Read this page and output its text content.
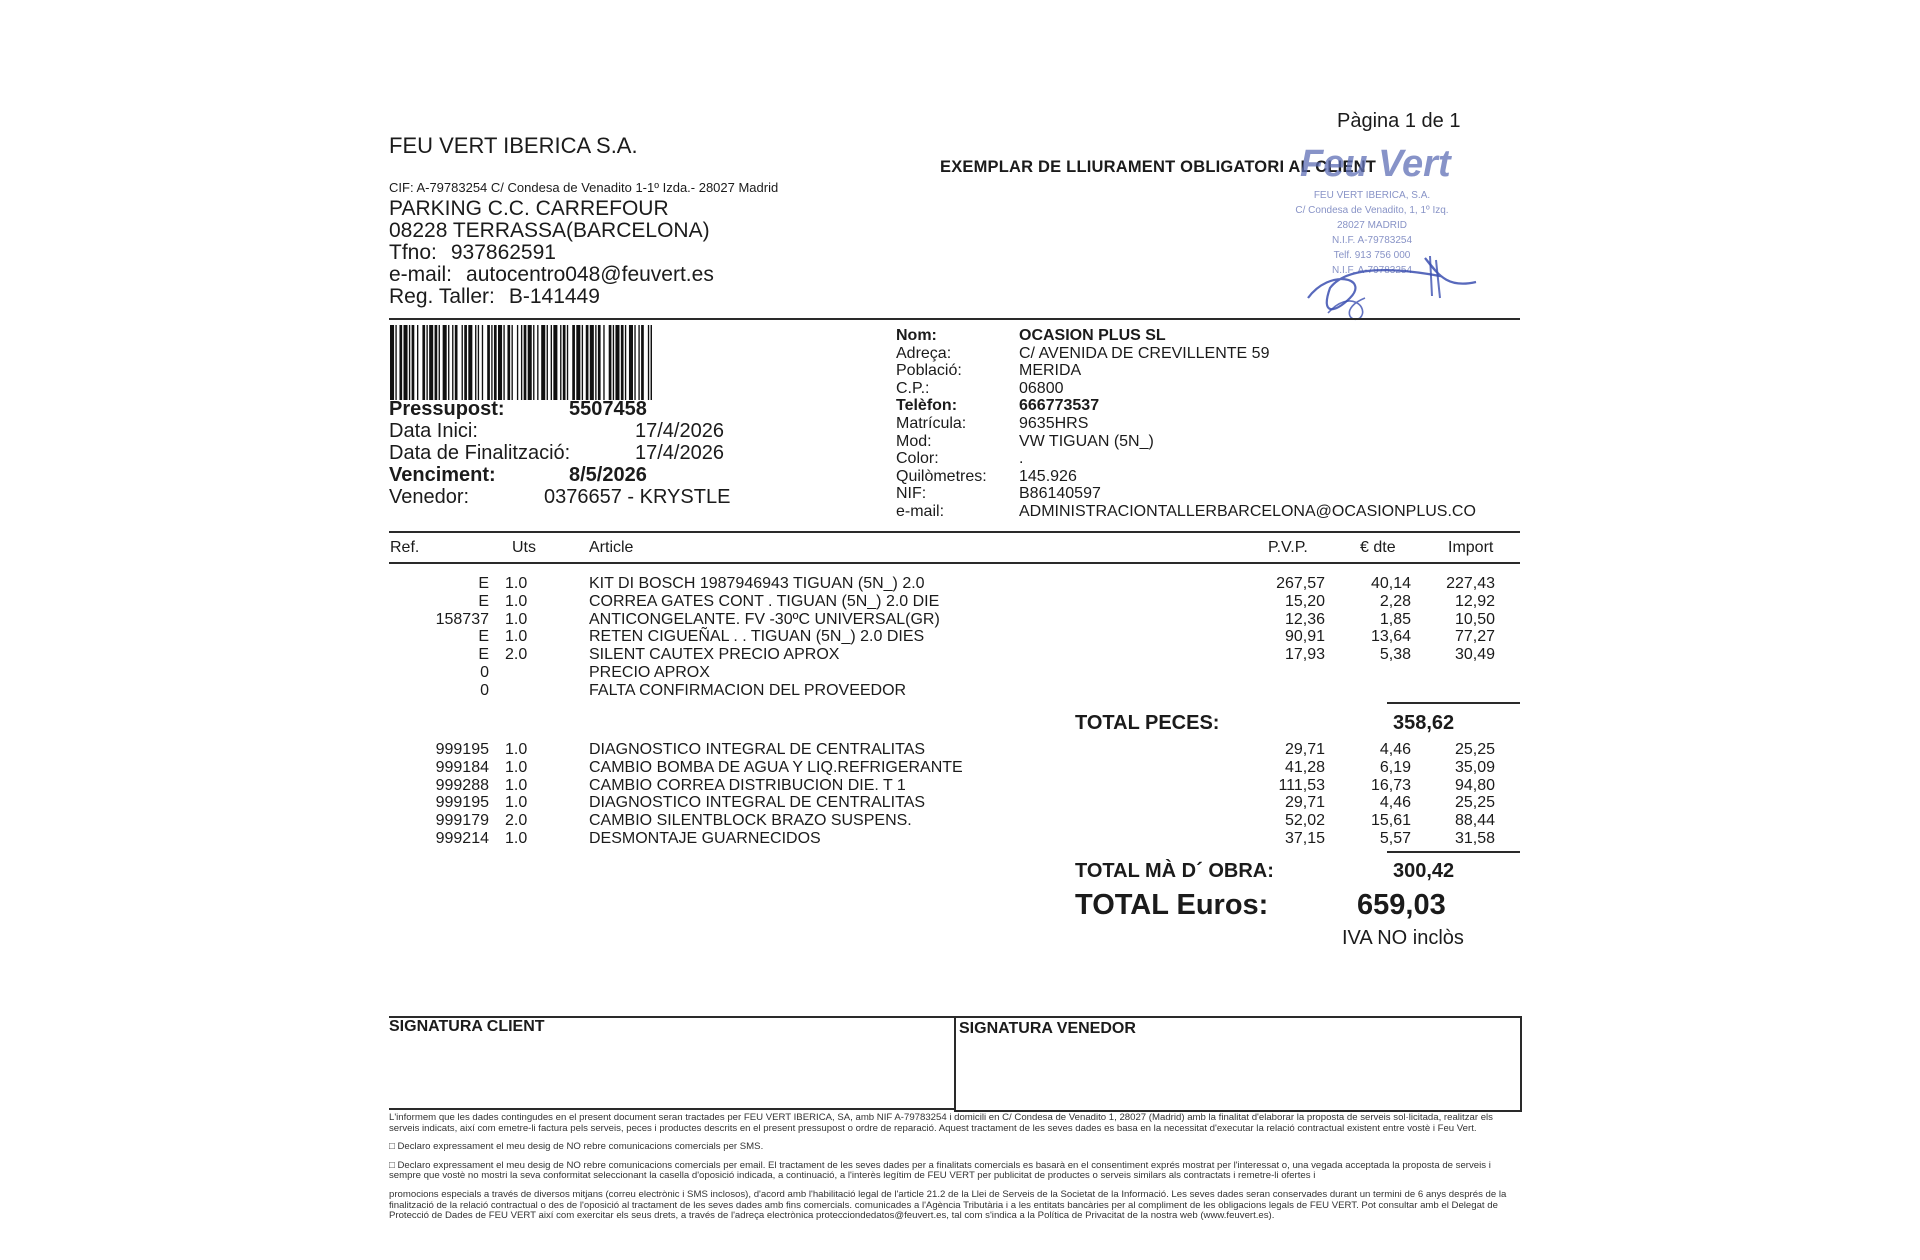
Pàgina 1 de 1
FEU VERT IBERICA S.A.
CIF: A-79783254 C/ Condesa de Venadito 1-1º Izda.- 28027 Madrid
PARKING C.C. CARREFOUR
08228 TERRASSA(BARCELONA)
Tfno: 937862591
e-mail: autocentro048@feuvert.es
Reg. Taller: B-141449
EXEMPLAR DE LLIURAMENT OBLIGATORI AL CLIENT
Feu Vert
FEU VERT IBERICA, S.A.
C/ Condesa de Venadito, 1, 1º Izq.
28027 MADRID
N.I.F. A-79783254
Telf. 913 756 000
N.I.F. A-79783254
Pressupost:	5507458
Data Inici:	17/4/2026
Data de Finalització:	17/4/2026
Venciment:	8/5/2026
Venedor:	0376657 - KRYSTLE
Nom:	OCASION PLUS SL
Adreça:	C/ AVENIDA DE CREVILLENTE 59
Població:	MERIDA
C.P.:	06800
Telèfon:	666773537
Matrícula:	9635HRS
Mod:	VW TIGUAN (5N_)
Color:	.
Quilòmetres: 145.926
NIF:	B86140597
e-mail:	ADMINISTRACIONTALLERBARCELONA@OCASIONPLUS.CO
Ref.	Uts	Article	P.V.P.	€ dte	Import
E 1.0	KIT DI BOSCH 1987946943 TIGUAN (5N_) 2.0	267,57	40,14 227,43
E 1.0	CORREA GATES CONT . TIGUAN (5N_) 2.0 DIE	15,20	2,28	12,92
158737 1.0	ANTICONGELANTE. FV -30ºC UNIVERSAL(GR)	12,36	1,85	10,50
E 1.0	RETEN CIGUEÑAL . . TIGUAN (5N_) 2.0 DIES	90,91	13,64	77,27
E 2.0	SILENT CAUTEX PRECIO APROX	17,93	5,38	30,49
0	PRECIO APROX
0	FALTA CONFIRMACION DEL PROVEEDOR
TOTAL PECES:	358,62
999195 1.0	DIAGNOSTICO INTEGRAL DE CENTRALITAS	29,71	4,46	25,25
999184 1.0	CAMBIO BOMBA DE AGUA Y LIQ.REFRIGERANTE	41,28	6,19	35,09
999288 1.0	CAMBIO CORREA DISTRIBUCION DIE. T 1	111,53	16,73	94,80
999195 1.0	DIAGNOSTICO INTEGRAL DE CENTRALITAS	29,71	4,46	25,25
999179 2.0	CAMBIO SILENTBLOCK BRAZO SUSPENS.	52,02	15,61	88,44
999214 1.0	DESMONTAJE GUARNECIDOS	37,15	5,57	31,58
TOTAL MÀ D´ OBRA:	300,42
TOTAL Euros:	659,03
IVA NO inclòs
SIGNATURA CLIENT	SIGNATURA VENEDOR

L'informem que les dades contingudes en el present document seran tractades per FEU VERT IBERICA, SA, amb NIF A-79783254 i domicili en C/ Condesa de Venadito 1, 28027 (Madrid) amb la finalitat d'elaborar la proposta de serveis sol·licitada, realitzar els serveis indicats, així com emetre-li factura pels serveis, peces i productes descrits en el present pressupost o ordre de reparació. Aquest tractament de les seves dades es basa en la necessitat d'executar la relació contractual existent entre vostè i Feu Vert.

□ Declaro expressament el meu desig de NO rebre comunicacions comercials per SMS.

□ Declaro expressament el meu desig de NO rebre comunicacions comercials per email. El tractament de les seves dades per a finalitats comercials es basarà en el consentiment exprés mostrat per l'interessat o, una vegada acceptada la proposta de serveis i sempre que vostè no mostri la seva conformitat seleccionant la casella d'oposició indicada, a continuació, a l'interès legítim de FEU VERT per publicitat de productes o serveis similars als contractats i remetre-li ofertes i

promocions especials a través de diversos mitjans (correu electrònic i SMS inclosos), d'acord amb l'habilitació legal de l'article 21.2 de la Llei de Serveis de la Societat de la Informació. Les seves dades seran conservades durant un termini de 6 anys després de la finalització de la relació contractual o des de l'oposició al tractament de les seves dades amb fins comercials. comunicades a l'Agència Tributària i a les entitats bancàries per al compliment de les obligacions legals de FEU VERT. Pot consultar amb el Delegat de Protecció de Dades de FEU VERT així com exercitar els seus drets, a través de l'adreça electrònica protecciondedatos@feuvert.es, tal com s'indica a la Política de Privacitat de la nostra web (www.feuvert.es).
